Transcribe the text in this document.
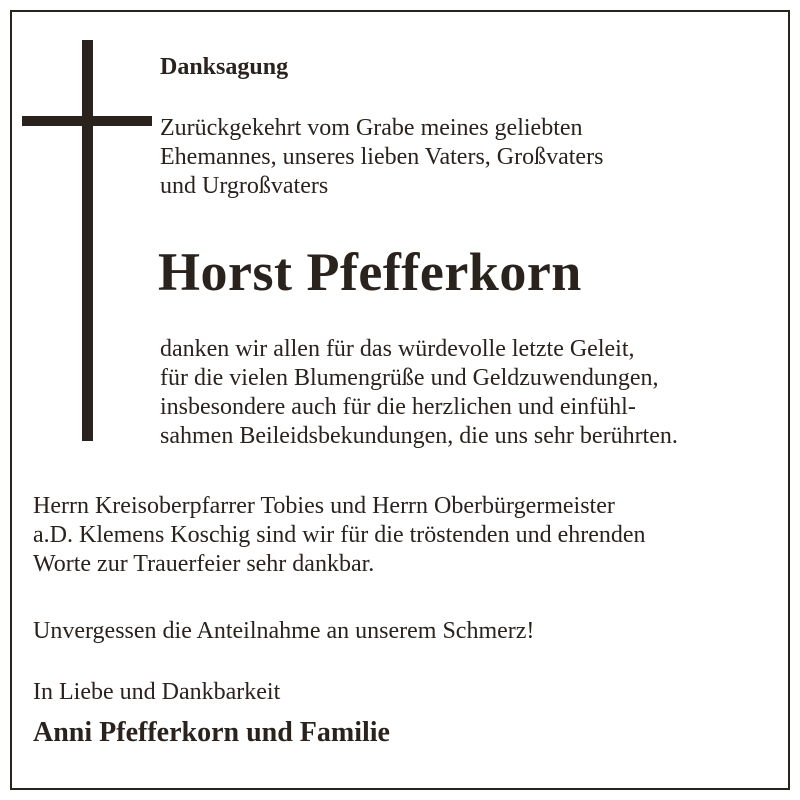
Danksagung
Zurückgekehrt vom Grabe meines geliebten
Ehemannes, unseres lieben Vaters, Großvaters
und Urgroßvaters
Horst Pfefferkorn
danken wir allen für das würdevolle letzte Geleit,
für die vielen Blumengrüße und Geldzuwendungen,
insbesondere auch für die herzlichen und einfühl-
sahmen Beileidsbekundungen, die uns sehr berührten.
Herrn Kreisoberpfarrer Tobies und Herrn Oberbürgermeister
a.D. Klemens Koschig sind wir für die tröstenden und ehrenden
Worte zur Trauerfeier sehr dankbar.
Unvergessen die Anteilnahme an unserem Schmerz!
In Liebe und Dankbarkeit
Anni Pfefferkorn und Familie
